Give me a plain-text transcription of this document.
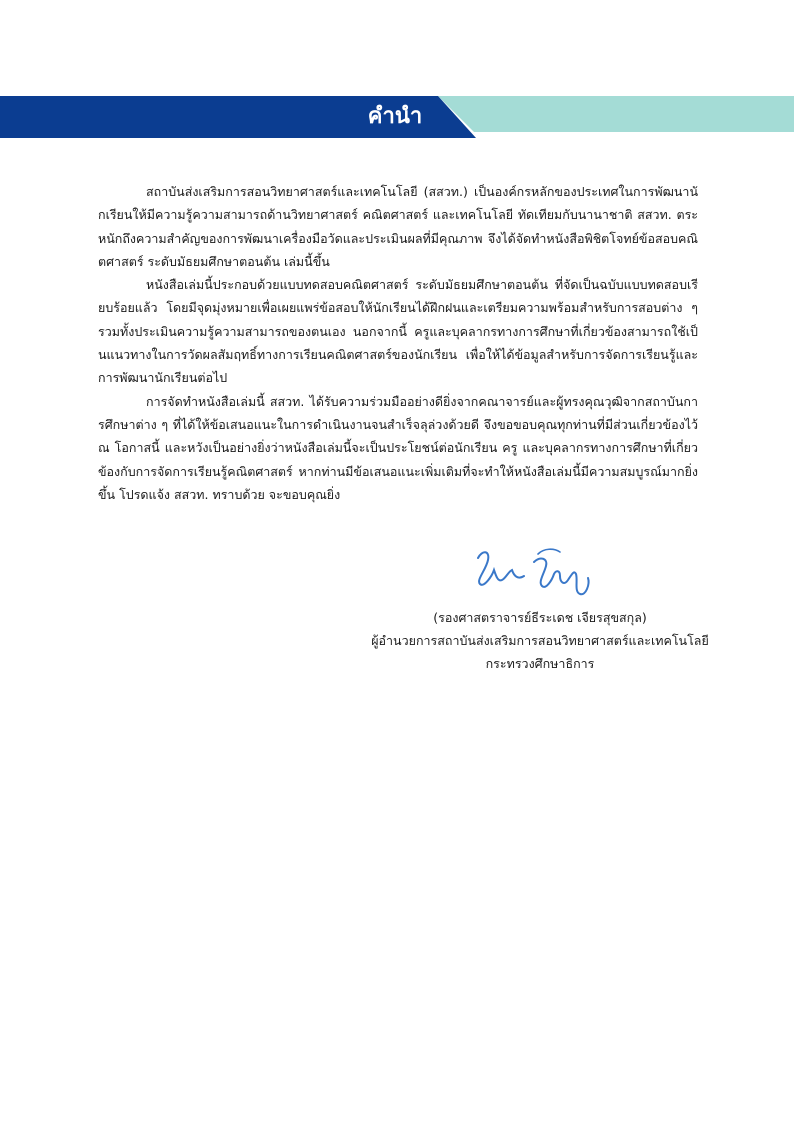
คำนำ

สถาบันส่งเสริมการสอนวิทยาศาสตร์และเทคโนโลยี (สสวท.) เป็นองค์กรหลักของประเทศในการพัฒนานักเรียนให้มีความรู้ความสามารถด้านวิทยาศาสตร์ คณิตศาสตร์ และเทคโนโลยี ทัดเทียมกับนานาชาติ สสวท. ตระหนักถึงความสำคัญของการพัฒนาเครื่องมือวัดและประเมินผลที่มีคุณภาพ จึงได้จัดทำหนังสือพิชิตโจทย์ข้อสอบคณิตศาสตร์ ระดับมัธยมศึกษาตอนต้น เล่มนี้ขึ้น

หนังสือเล่มนี้ประกอบด้วยแบบทดสอบคณิตศาสตร์ ระดับมัธยมศึกษาตอนต้น ที่จัดเป็นฉบับแบบทดสอบเรียบร้อยแล้ว โดยมีจุดมุ่งหมายเพื่อเผยแพร่ข้อสอบให้นักเรียนได้ฝึกฝนและเตรียมความพร้อมสำหรับการสอบต่าง ๆ รวมทั้งประเมินความรู้ความสามารถของตนเอง นอกจากนี้ ครูและบุคลากรทางการศึกษาที่เกี่ยวข้องสามารถใช้เป็นแนวทางในการวัดผลสัมฤทธิ์ทางการเรียนคณิตศาสตร์ของนักเรียน เพื่อให้ได้ข้อมูลสำหรับการจัดการเรียนรู้และการพัฒนานักเรียนต่อไป

การจัดทำหนังสือเล่มนี้ สสวท. ได้รับความร่วมมืออย่างดียิ่งจากคณาจารย์และผู้ทรงคุณวุฒิจากสถาบันการศึกษาต่าง ๆ ที่ได้ให้ข้อเสนอแนะในการดำเนินงานจนสำเร็จลุล่วงด้วยดี จึงขอขอบคุณทุกท่านที่มีส่วนเกี่ยวข้องไว้ ณ โอกาสนี้ และหวังเป็นอย่างยิ่งว่าหนังสือเล่มนี้จะเป็นประโยชน์ต่อนักเรียน ครู และบุคลากรทางการศึกษาที่เกี่ยวข้องกับการจัดการเรียนรู้คณิตศาสตร์ หากท่านมีข้อเสนอแนะเพิ่มเติมที่จะทำให้หนังสือเล่มนี้มีความสมบูรณ์มากยิ่งขึ้น โปรดแจ้ง สสวท. ทราบด้วย จะขอบคุณยิ่ง

(รองศาสตราจารย์ธีระเดช เจียรสุขสกุล)
ผู้อำนวยการสถาบันส่งเสริมการสอนวิทยาศาสตร์และเทคโนโลยี
กระทรวงศึกษาธิการ
